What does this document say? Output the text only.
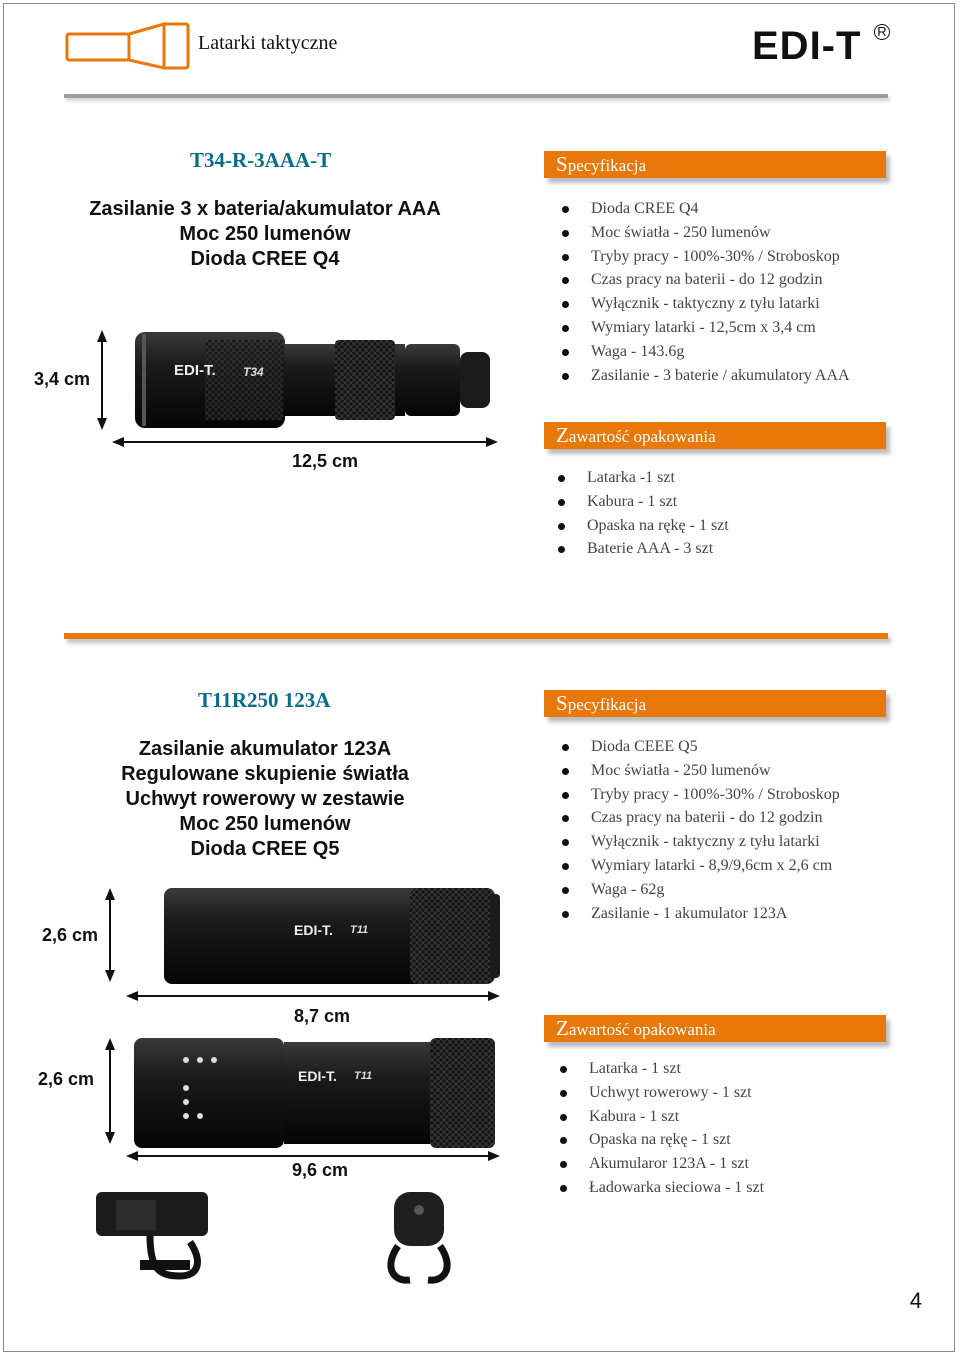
Latarki taktyczne	EDI-T R
T34-R-3AAA-T
Zasilanie 3 x bateria/akumulator AAA
Moc 250 lumenów
Dioda CREE Q4
3,4 cm
12,5 cm
EDI-T. T34
Specyfikacja
Dioda CREE Q4
Moc światła - 250 lumenów
Tryby pracy - 100%-30% / Stroboskop
Czas pracy na baterii - do 12 godzin
Wyłącznik - taktyczny z tyłu latarki
Wymiary latarki - 12,5cm x 3,4 cm
Waga - 143.6g
Zasilanie - 3 baterie / akumulatory AAA
Zawartość opakowania
Latarka -1 szt
Kabura - 1 szt
Opaska na rękę - 1 szt
Baterie AAA - 3 szt
T11R250 123A
Zasilanie akumulator 123A
Regulowane skupienie światła
Uchwyt rowerowy w zestawie
Moc 250 lumenów
Dioda CREE Q5
2,6 cm
8,7 cm
2,6 cm
9,6 cm
EDI-T. T11
EDI-T. T11
Specyfikacja
Dioda CEEE Q5
Moc światła - 250 lumenów
Tryby pracy - 100%-30% / Stroboskop
Czas pracy na baterii - do 12 godzin
Wyłącznik - taktyczny z tyłu latarki
Wymiary latarki - 8,9/9,6cm x 2,6 cm
Waga - 62g
Zasilanie - 1 akumulator 123A
Zawartość opakowania
Latarka - 1 szt
Uchwyt rowerowy - 1 szt
Kabura - 1 szt
Opaska na rękę - 1 szt
Akumularor 123A - 1 szt
Ładowarka sieciowa - 1 szt
4
